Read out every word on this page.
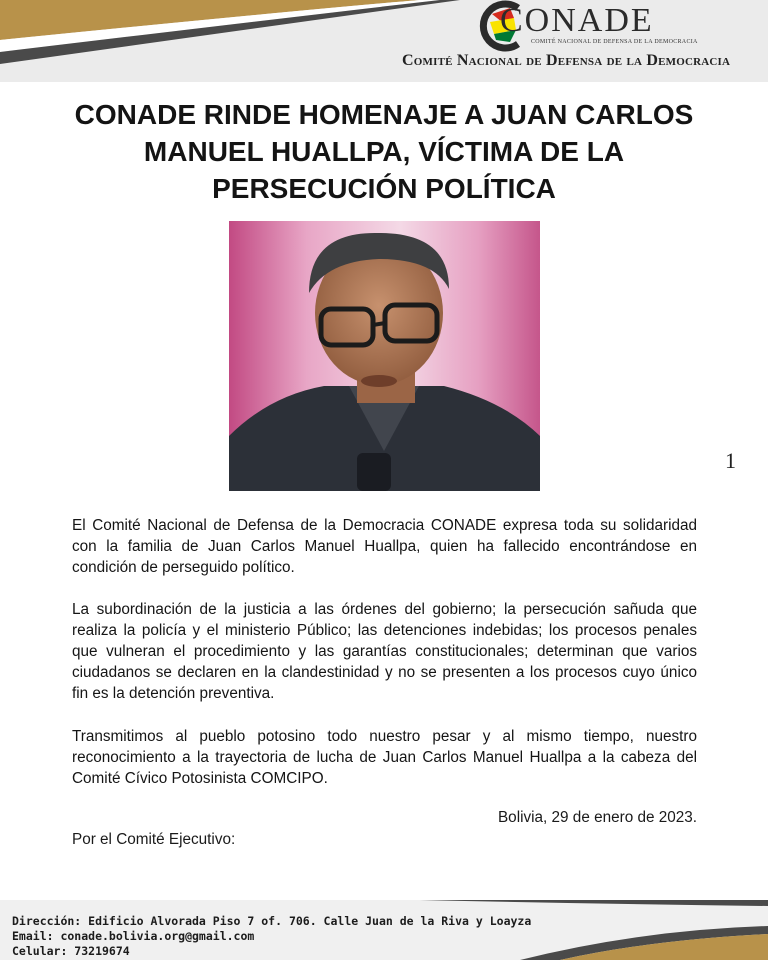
CONADE
COMITÉ NACIONAL DE DEFENSA DE LA DEMOCRACIA
Comité Nacional de Defensa de la Democracia
CONADE RINDE HOMENAJE A JUAN CARLOS MANUEL HUALLPA, VÍCTIMA DE LA PERSECUCIÓN POLÍTICA
1
El Comité Nacional de Defensa de la Democracia CONADE expresa toda su solidaridad con la familia de Juan Carlos Manuel Huallpa, quien ha fallecido encontrándose en condición de perseguido político.
La subordinación de la justicia a las órdenes del gobierno; la persecución sañuda que realiza la policía y el ministerio Público; las detenciones indebidas; los procesos penales que vulneran el procedimiento y las garantías constitucionales; determinan que varios ciudadanos se declaren en la clandestinidad y no se presenten a los procesos cuyo único fin es la detención preventiva.
Transmitimos al pueblo potosino todo nuestro pesar y al mismo tiempo, nuestro reconocimiento a la trayectoria de lucha de Juan Carlos Manuel Huallpa a la cabeza del Comité Cívico Potosinista COMCIPO.
Bolivia, 29 de enero de 2023.
Por el Comité Ejecutivo:
Dirección: Edificio Alvorada Piso 7 of. 706. Calle Juan de la Riva y Loayza
Email: conade.bolivia.org@gmail.com
Celular: 73219674
